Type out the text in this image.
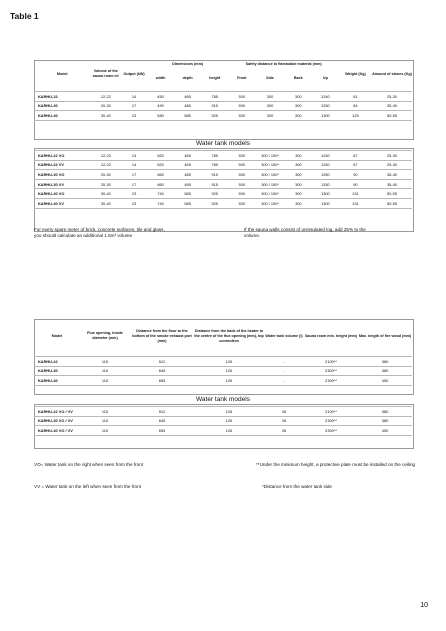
Table 1
Model	Volume of the sauna room m³	Output (kW)	Dimensions (mm)			Safety distance to flammable material (mm)				Weight (Kg)	Amount of stones (Kg)
			width	depth	height	Front	Side	Back	Up		

KARHU-22	12-22	14	450	465	785	500	300	300	1240	61	25-30
KARHU-30	20-30	17	490	485	915	500	300	300	1330	84	35-40
KARHU-40	30-40	23	580	585	925	500	300	300	1300	125	50-55
Water tank models
KARHU-22 VO	12-22	14	620	465	785	500	300 / 150*	300	1240	67	25-30
KARHU-22 VV	12-22	14	620	465	785	500	300 / 150*	300	1240	67	25-30
KARHU-30 VO	20-30	17	660	485	915	500	300 / 150*	300	1330	90	35-40
KARHU-30 VV	20-30	17	660	485	915	500	300 / 150*	300	1330	90	35-40
KARHU-40 VO	30-40	23	740	585	925	500	300 / 150*	300	1300	131	50-55
KARHU-40 VV	30-40	23	740	585	925	500	300 / 150*	300	1300	131	50-55
For every spare meter of brick, concrete surfaces, tile and glass, you should calculate an additional 1.5m³ volume
If the sauna walls consist of uninsulated log, add 25% to the volume.
Model	Flue opening, inside diameter (mm)	Distance from the floor to the bottom of the smoke exhaust port (mm)	Distance from the back of the heater to the centre of the flue opening (mm), top connection	Water tank volume (l)	Sauna room min. height (mm)	Max. length of fire wood (mm)

KARHU-22	115	512	126	-	2100**	380
KARHU-30	115	645	126	-	2300**	380
KARHU-40	115	655	126	-	2300**	450
Water tank models
KARHU-22 VO / VV	115	512	126	28	2100**	380
KARHU-30 VO / VV	115	645	126	28	2300**	380
KARHU-40 VO / VV	115	655	126	28	2300**	450
VO= Water tank on the right when seen from the front	**Under the minimum height, a protective plate must be installed on the ceiling
VV = Water tank on the left when seen from the front	*Distance from the water tank side
10
